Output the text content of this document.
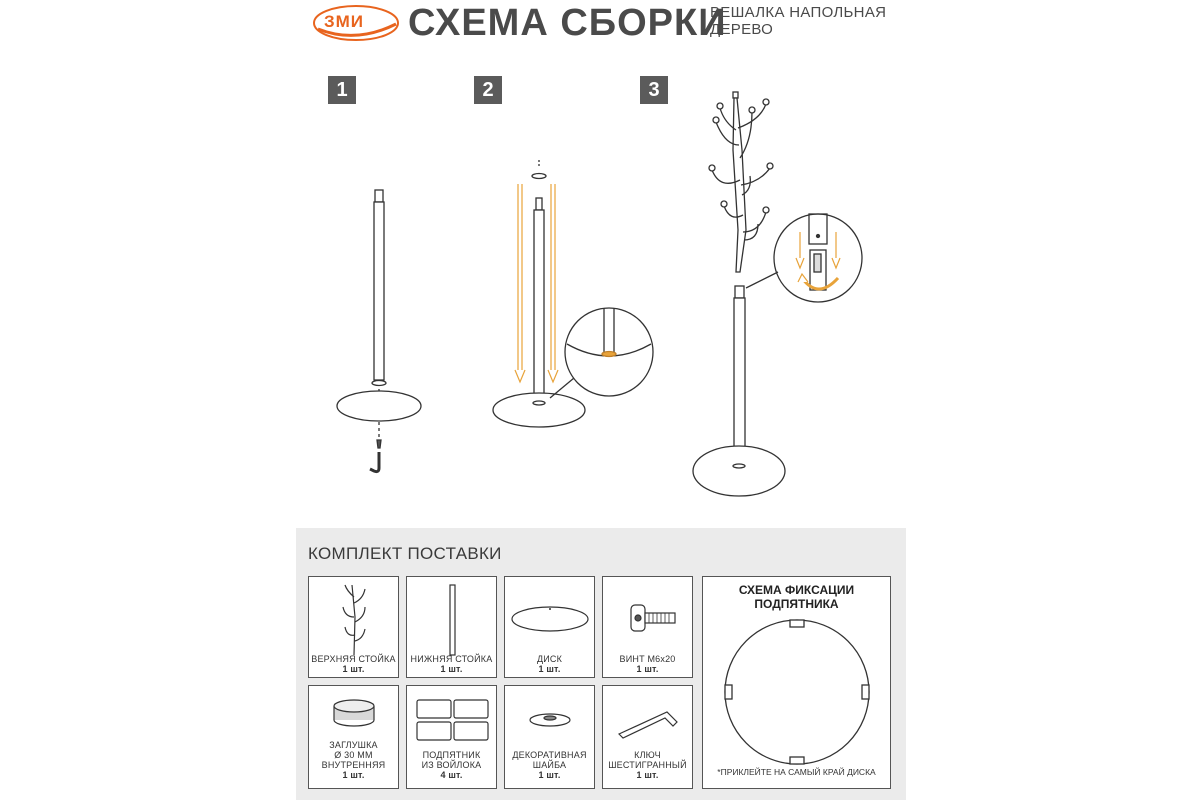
ЗМИ СХЕМА СБОРКИ
ВЕШАЛКА НАПОЛЬНАЯ
ДЕРЕВО
1	2	3
КОМПЛЕКТ ПОСТАВКИ
ВЕРХНЯЯ СТОЙКА
1 шт.
НИЖНЯЯ СТОЙКА
1 шт.
ДИСК
1 шт.
ВИНТ М6х20
1 шт.
ЗАГЛУШКА
Ø 30 ММ
ВНУТРЕННЯЯ
1 шт.
ПОДПЯТНИК
ИЗ ВОЙЛОКА
4 шт.
ДЕКОРАТИВНАЯ
ШАЙБА
1 шт.
КЛЮЧ
ШЕСТИГРАННЫЙ
1 шт.
СХЕМА ФИКСАЦИИ
ПОДПЯТНИКА
*ПРИКЛЕЙТЕ НА САМЫЙ КРАЙ ДИСКА
